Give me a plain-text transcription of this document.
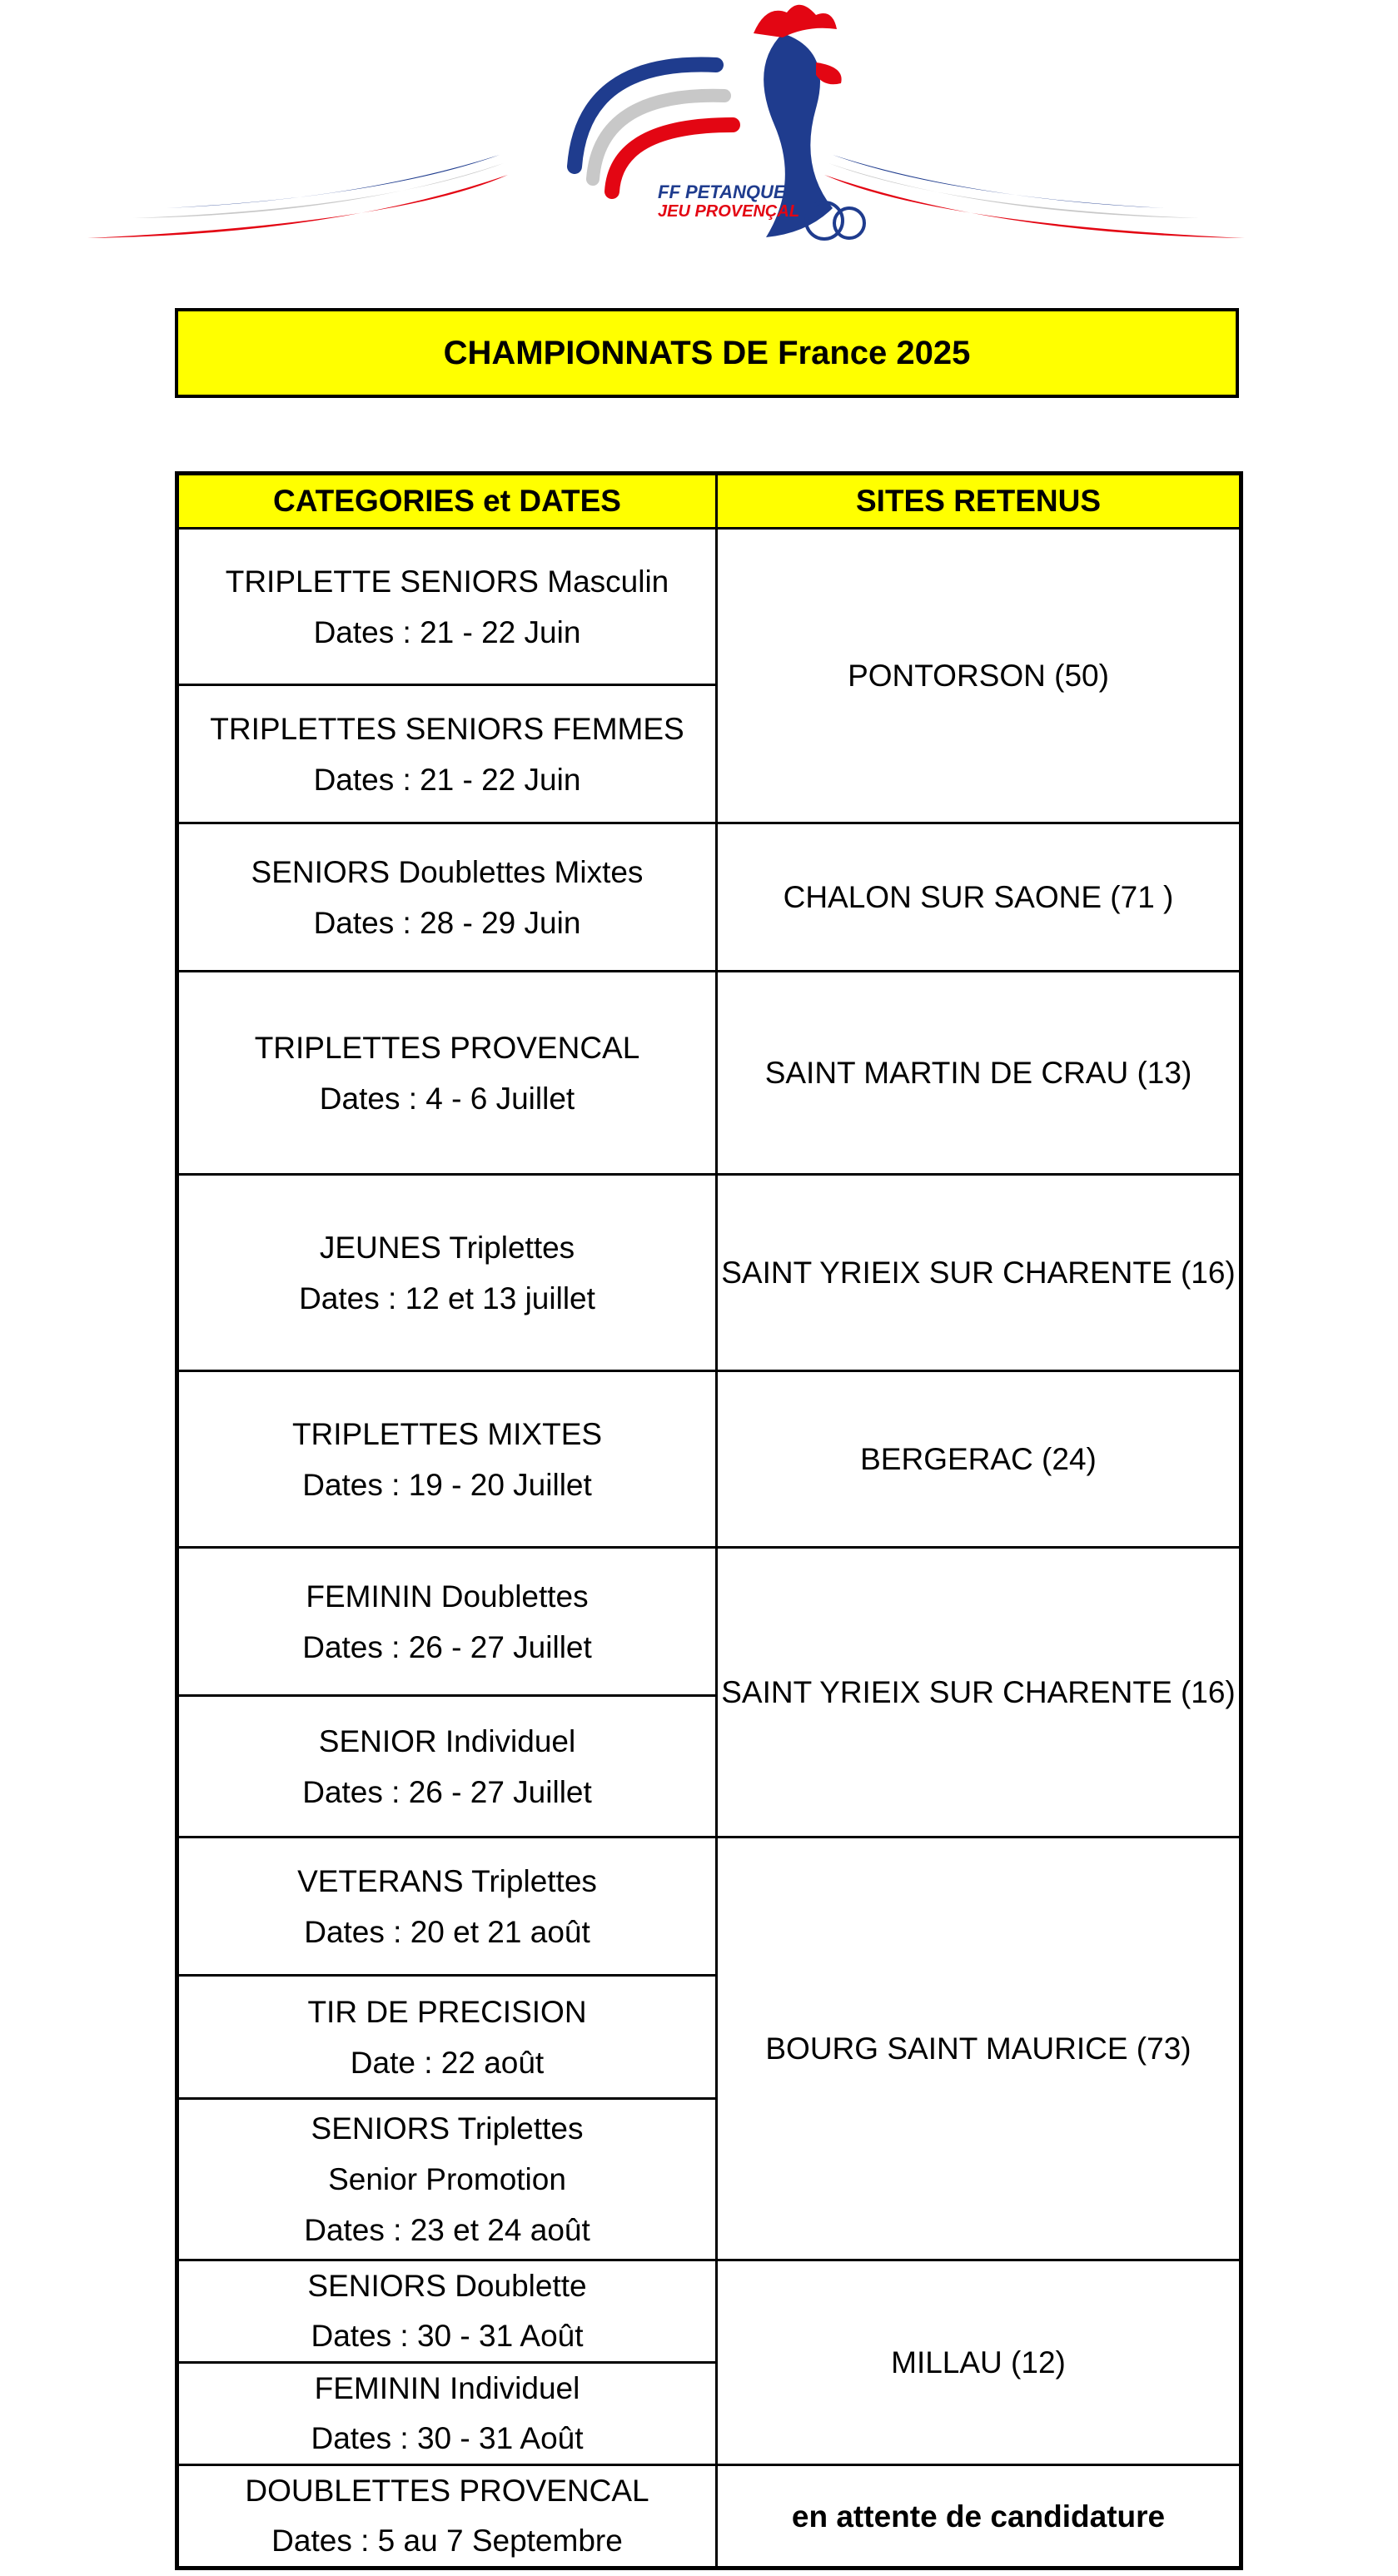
FF PETANQUE
JEU PROVENÇAL
CHAMPIONNATS DE France 2025
CATEGORIES et DATES	SITES RETENUS

TRIPLETTE SENIORS Masculin
Dates : 21 - 22 Juin	PONTORSON (50)

TRIPLETTES SENIORS FEMMES
Dates : 21 - 22 Juin	

SENIORS Doublettes Mixtes
Dates : 28 - 29 Juin	CHALON SUR SAONE (71 )

TRIPLETTES PROVENCAL
Dates : 4 - 6 Juillet	SAINT MARTIN DE CRAU (13)

JEUNES Triplettes
Dates : 12 et 13 juillet	SAINT YRIEIX SUR CHARENTE (16)

TRIPLETTES MIXTES
Dates : 19 - 20 Juillet	BERGERAC (24)

FEMININ Doublettes
Dates : 26 - 27 Juillet	SAINT YRIEIX SUR CHARENTE (16)

SENIOR Individuel
Dates : 26 - 27 Juillet	

VETERANS Triplettes
Dates : 20 et 21 août	BOURG SAINT MAURICE (73)

TIR DE PRECISION
Date : 22 août	

SENIORS Triplettes
Senior Promotion
Dates : 23 et 24 août	

SENIORS Doublette
Dates : 30 - 31 Août	MILLAU (12)

FEMININ Individuel
Dates : 30 - 31 Août	

DOUBLETTES PROVENCAL
Dates : 5 au 7 Septembre	en attente de candidature
